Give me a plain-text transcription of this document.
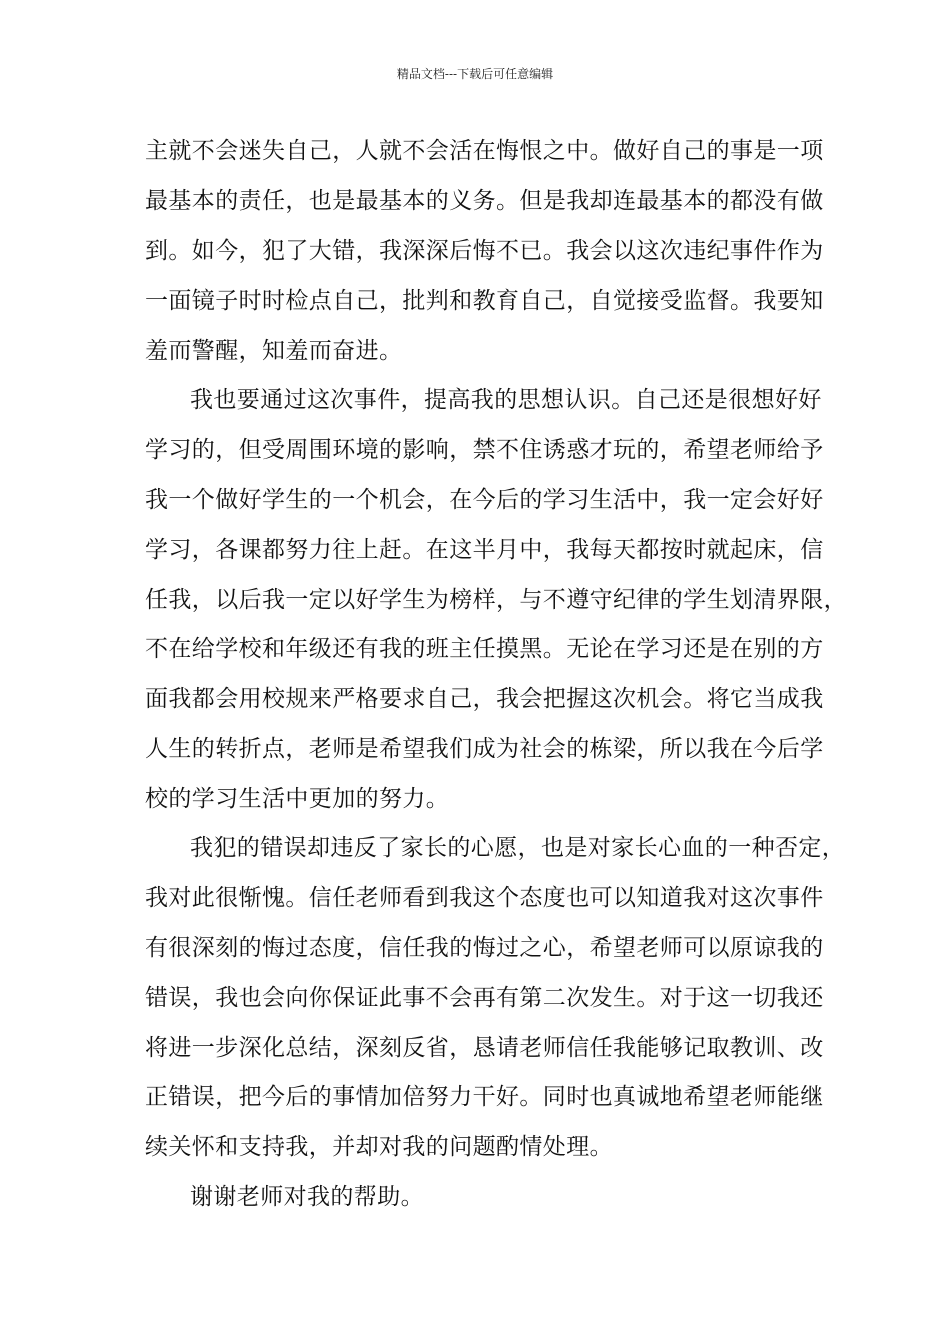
精品文档---下载后可任意编辑
主就不会迷失自己，人就不会活在悔恨之中。做好自己的事是一项
最基本的责任，也是最基本的义务。但是我却连最基本的都没有做
到。如今，犯了大错，我深深后悔不已。我会以这次违纪事件作为
一面镜子时时检点自己，批判和教育自己，自觉接受监督。我要知
羞而警醒，知羞而奋进。
我也要通过这次事件，提高我的思想认识。自己还是很想好好
学习的，但受周围环境的影响，禁不住诱惑才玩的，希望老师给予
我一个做好学生的一个机会，在今后的学习生活中，我一定会好好
学习，各课都努力往上赶。在这半月中，我每天都按时就起床，信
任我，以后我一定以好学生为榜样，与不遵守纪律的学生划清界限，
不在给学校和年级还有我的班主任摸黑。无论在学习还是在别的方
面我都会用校规来严格要求自己，我会把握这次机会。将它当成我
人生的转折点，老师是希望我们成为社会的栋梁，所以我在今后学
校的学习生活中更加的努力。
我犯的错误却违反了家长的心愿，也是对家长心血的一种否定，
我对此很惭愧。信任老师看到我这个态度也可以知道我对这次事件
有很深刻的悔过态度，信任我的悔过之心，希望老师可以原谅我的
错误，我也会向你保证此事不会再有第二次发生。对于这一切我还
将进一步深化总结，深刻反省，恳请老师信任我能够记取教训、改
正错误，把今后的事情加倍努力干好。同时也真诚地希望老师能继
续关怀和支持我，并却对我的问题酌情处理。
谢谢老师对我的帮助。
